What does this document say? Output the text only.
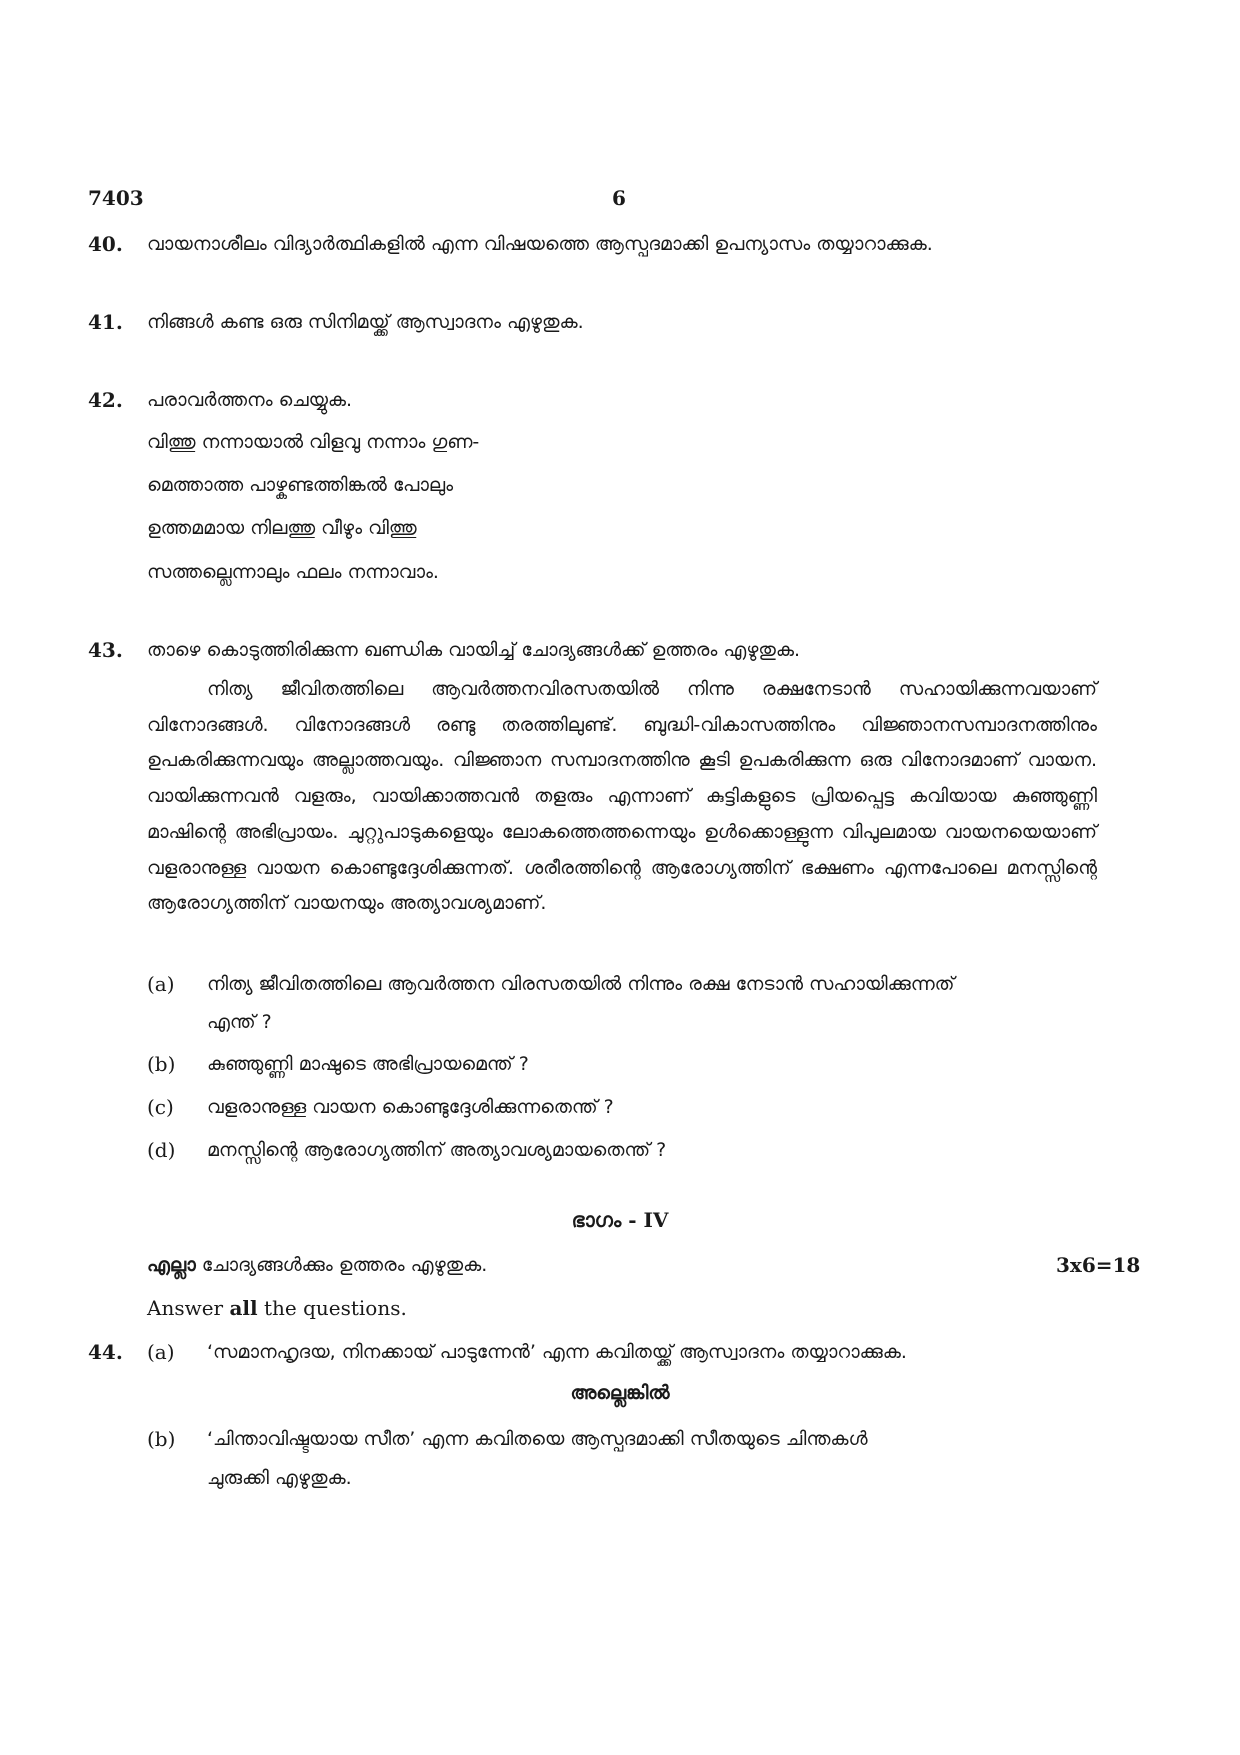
7403	6
40. വായനാശീലം വിദ്യാർത്ഥികളിൽ എന്ന വിഷയത്തെ ആസ്പദമാക്കി ഉപന്യാസം തയ്യാറാക്കുക.
41. നിങ്ങൾ കണ്ട ഒരു സിനിമയ്ക്ക് ആസ്വാദനം എഴുതുക.
42. പരാവർത്തനം ചെയ്യുക.
വിത്തു നന്നായാൽ വിളവു നന്നാം ഗുണ-
മെത്താത്ത പാഴ്കണ്ടത്തിങ്കൽ പോലും
ഉത്തമമായ നിലത്തു വീഴും വിത്തു
സത്തല്ലെന്നാലും ഫലം നന്നാവാം.
43. താഴെ കൊടുത്തിരിക്കുന്ന ഖണ്ഡിക വായിച്ച് ചോദ്യങ്ങൾക്ക് ഉത്തരം എഴുതുക.
നിത്യ ജീവിതത്തിലെ ആവർത്തനവിരസതയിൽ നിന്നു രക്ഷനേടാൻ സഹായിക്കുന്നവയാണ് വിനോദങ്ങൾ. വിനോദങ്ങൾ രണ്ടു തരത്തിലുണ്ട്. ബുദ്ധി-വികാസത്തിനും വിജ്ഞാനസമ്പാദനത്തിനും ഉപകരിക്കുന്നവയും അല്ലാത്തവയും. വിജ്ഞാന സമ്പാദനത്തിനു കൂടി ഉപകരിക്കുന്ന ഒരു വിനോദമാണ് വായന. വായിക്കുന്നവൻ വളരും, വായിക്കാത്തവൻ തളരും എന്നാണ് കുട്ടികളുടെ പ്രിയപ്പെട്ട കവിയായ കുഞ്ഞുണ്ണി മാഷിന്റെ അഭിപ്രായം. ചുറ്റുപാടുകളെയും ലോകത്തെത്തന്നെയും ഉൾക്കൊള്ളുന്ന വിപുലമായ വായനയെയാണ് വളരാനുള്ള വായന കൊണ്ടുദ്ദേശിക്കുന്നത്. ശരീരത്തിന്റെ ആരോഗ്യത്തിന് ഭക്ഷണം എന്നപോലെ മനസ്സിന്റെ ആരോഗ്യത്തിന് വായനയും അത്യാവശ്യമാണ്.
(a) നിത്യ ജീവിതത്തിലെ ആവർത്തന വിരസതയിൽ നിന്നും രക്ഷ നേടാൻ സഹായിക്കുന്നത്
എന്ത് ?
(b) കുഞ്ഞുണ്ണി മാഷുടെ അഭിപ്രായമെന്ത് ?
(c) വളരാനുള്ള വായന കൊണ്ടുദ്ദേശിക്കുന്നതെന്ത് ?
(d) മനസ്സിന്റെ ആരോഗ്യത്തിന് അത്യാവശ്യമായതെന്ത് ?
ഭാഗം - IV
എല്ലാ ചോദ്യങ്ങൾക്കും ഉത്തരം എഴുതുക.	3x6=18
Answer all the questions.
44. (a) ‘സമാനഹൃദയ, നിനക്കായ് പാടുന്നേൻ’ എന്ന കവിതയ്ക്ക് ആസ്വാദനം തയ്യാറാക്കുക.
അല്ലെങ്കിൽ
(b) ‘ചിന്താവിഷ്ടയായ സീത’ എന്ന കവിതയെ ആസ്പദമാക്കി സീതയുടെ ചിന്തകൾ
ചുരുക്കി എഴുതുക.
